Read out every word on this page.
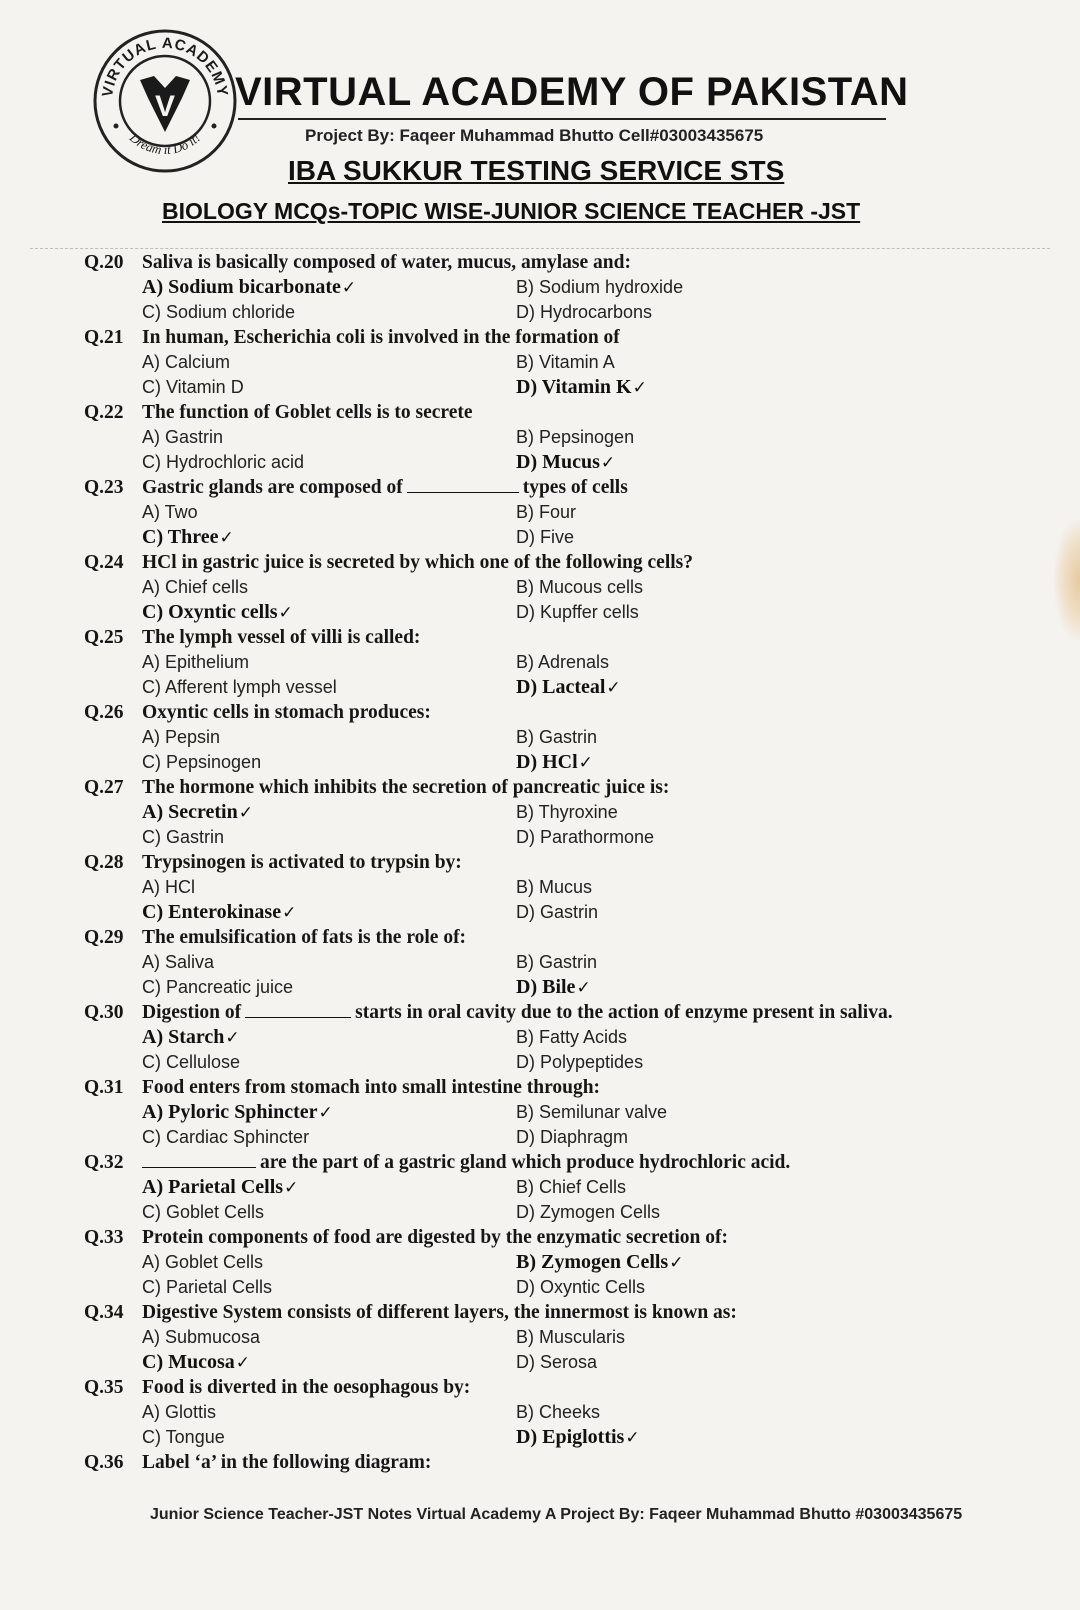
VIRTUAL ACADEMY
Dream it Do it!
V VIRTUAL ACADEMY OF PAKISTAN
Project By: Faqeer Muhammad Bhutto Cell#03003435675
IBA SUKKUR TESTING SERVICE STS
BIOLOGY MCQs-TOPIC WISE-JUNIOR SCIENCE TEACHER -JST
Q.20 Saliva is basically composed of water, mucus, amylase and:
A) Sodium bicarbonate✓	B) Sodium hydroxide
C) Sodium chloride	D) Hydrocarbons
Q.21 In human, Escherichia coli is involved in the formation of
A) Calcium	B) Vitamin A
C) Vitamin D	D) Vitamin K✓
Q.22 The function of Goblet cells is to secrete
A) Gastrin	B) Pepsinogen
C) Hydrochloric acid	D) Mucus✓
Q.23 Gastric glands are composed of	types of cells
A) Two	B) Four
C) Three✓	D) Five
Q.24 HCl in gastric juice is secreted by which one of the following cells?
A) Chief cells	B) Mucous cells
C) Oxyntic cells✓	D) Kupffer cells
Q.25 The lymph vessel of villi is called:
A) Epithelium	B) Adrenals
C) Afferent lymph vessel	D) Lacteal✓
Q.26 Oxyntic cells in stomach produces:
A) Pepsin	B) Gastrin
C) Pepsinogen	D) HCl✓
Q.27 The hormone which inhibits the secretion of pancreatic juice is:
A) Secretin✓	B) Thyroxine
C) Gastrin	D) Parathormone
Q.28 Trypsinogen is activated to trypsin by:
A) HCl	B) Mucus
C) Enterokinase✓	D) Gastrin
Q.29 The emulsification of fats is the role of:
A) Saliva	B) Gastrin
C) Pancreatic juice	D) Bile✓
Q.30 Digestion of	starts in oral cavity due to the action of enzyme present in saliva.
A) Starch✓	B) Fatty Acids
C) Cellulose	D) Polypeptides
Q.31 Food enters from stomach into small intestine through:
A) Pyloric Sphincter✓	B) Semilunar valve
C) Cardiac Sphincter	D) Diaphragm
Q.32	are the part of a gastric gland which produce hydrochloric acid.
A) Parietal Cells✓	B) Chief Cells
C) Goblet Cells	D) Zymogen Cells
Q.33 Protein components of food are digested by the enzymatic secretion of:
A) Goblet Cells	B) Zymogen Cells✓
C) Parietal Cells	D) Oxyntic Cells
Q.34 Digestive System consists of different layers, the innermost is known as:
A) Submucosa	B) Muscularis
C) Mucosa✓	D) Serosa
Q.35 Food is diverted in the oesophagous by:
A) Glottis	B) Cheeks
C) Tongue	D) Epiglottis✓
Q.36 Label ‘a’ in the following diagram:
Junior Science Teacher-JST Notes Virtual Academy A Project By: Faqeer Muhammad Bhutto #03003435675
